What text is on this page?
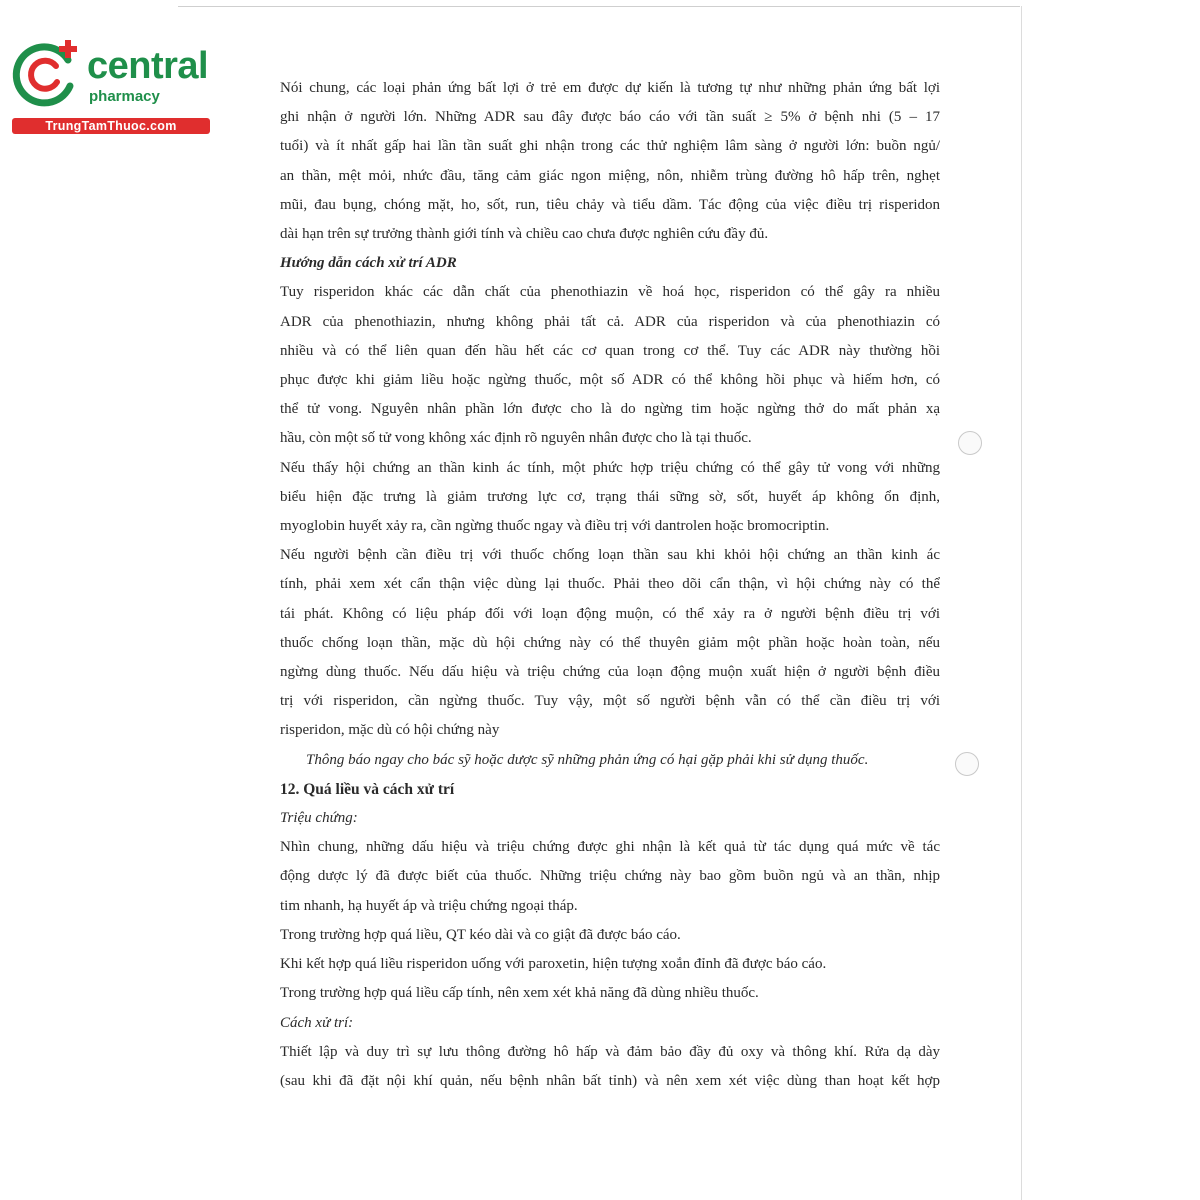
central
pharmacy
TrungTamThuoc.com

Nói chung, các loại phản ứng bất lợi ở trẻ em được dự kiến là tương tự như những phản ứng bất lợi
ghi nhận ở người lớn. Những ADR sau đây được báo cáo với tần suất ≥ 5% ở bệnh nhi (5 – 17
tuổi) và ít nhất gấp hai lần tần suất ghi nhận trong các thử nghiệm lâm sàng ở người lớn: buồn ngủ/
an thần, mệt mỏi, nhức đầu, tăng cảm giác ngon miệng, nôn, nhiễm trùng đường hô hấp trên, nghẹt
mũi, đau bụng, chóng mặt, ho, sốt, run, tiêu chảy và tiểu dầm. Tác động của việc điều trị risperidon
dài hạn trên sự trưởng thành giới tính và chiều cao chưa được nghiên cứu đầy đủ.

Hướng dẫn cách xử trí ADR

Tuy risperidon khác các dẫn chất của phenothiazin về hoá học, risperidon có thể gây ra nhiều
ADR của phenothiazin, nhưng không phải tất cả. ADR của risperidon và của phenothiazin có
nhiều và có thể liên quan đến hầu hết các cơ quan trong cơ thể. Tuy các ADR này thường hồi
phục được khi giảm liều hoặc ngừng thuốc, một số ADR có thể không hồi phục và hiếm hơn, có
thể tử vong. Nguyên nhân phần lớn được cho là do ngừng tim hoặc ngừng thở do mất phản xạ
hầu, còn một số tử vong không xác định rõ nguyên nhân được cho là tại thuốc.

Nếu thấy hội chứng an thần kinh ác tính, một phức hợp triệu chứng có thể gây tử vong với những
biểu hiện đặc trưng là giảm trương lực cơ, trạng thái sững sờ, sốt, huyết áp không ổn định,
myoglobin huyết xảy ra, cần ngừng thuốc ngay và điều trị với dantrolen hoặc bromocriptin.

Nếu người bệnh cần điều trị với thuốc chống loạn thần sau khi khỏi hội chứng an thần kinh ác
tính, phải xem xét cẩn thận việc dùng lại thuốc. Phải theo dõi cẩn thận, vì hội chứng này có thể
tái phát. Không có liệu pháp đối với loạn động muộn, có thể xảy ra ở người bệnh điều trị với
thuốc chống loạn thần, mặc dù hội chứng này có thể thuyên giảm một phần hoặc hoàn toàn, nếu
ngừng dùng thuốc. Nếu dấu hiệu và triệu chứng của loạn động muộn xuất hiện ở người bệnh điều
trị với risperidon, cần ngừng thuốc. Tuy vậy, một số người bệnh vẫn có thể cần điều trị với
risperidon, mặc dù có hội chứng này

Thông báo ngay cho bác sỹ hoặc dược sỹ những phản ứng có hại gặp phải khi sử dụng thuốc.

12. Quá liều và cách xử trí

Triệu chứng:

Nhìn chung, những dấu hiệu và triệu chứng được ghi nhận là kết quả từ tác dụng quá mức về tác
động dược lý đã được biết của thuốc. Những triệu chứng này bao gồm buồn ngủ và an thần, nhịp
tim nhanh, hạ huyết áp và triệu chứng ngoại tháp.

Trong trường hợp quá liều, QT kéo dài và co giật đã được báo cáo.

Khi kết hợp quá liều risperidon uống với paroxetin, hiện tượng xoắn đỉnh đã được báo cáo.

Trong trường hợp quá liều cấp tính, nên xem xét khả năng đã dùng nhiều thuốc.

Cách xử trí:

Thiết lập và duy trì sự lưu thông đường hô hấp và đảm bảo đầy đủ oxy và thông khí. Rửa dạ dày
(sau khi đã đặt nội khí quản, nếu bệnh nhân bất tỉnh) và nên xem xét việc dùng than hoạt kết hợp
